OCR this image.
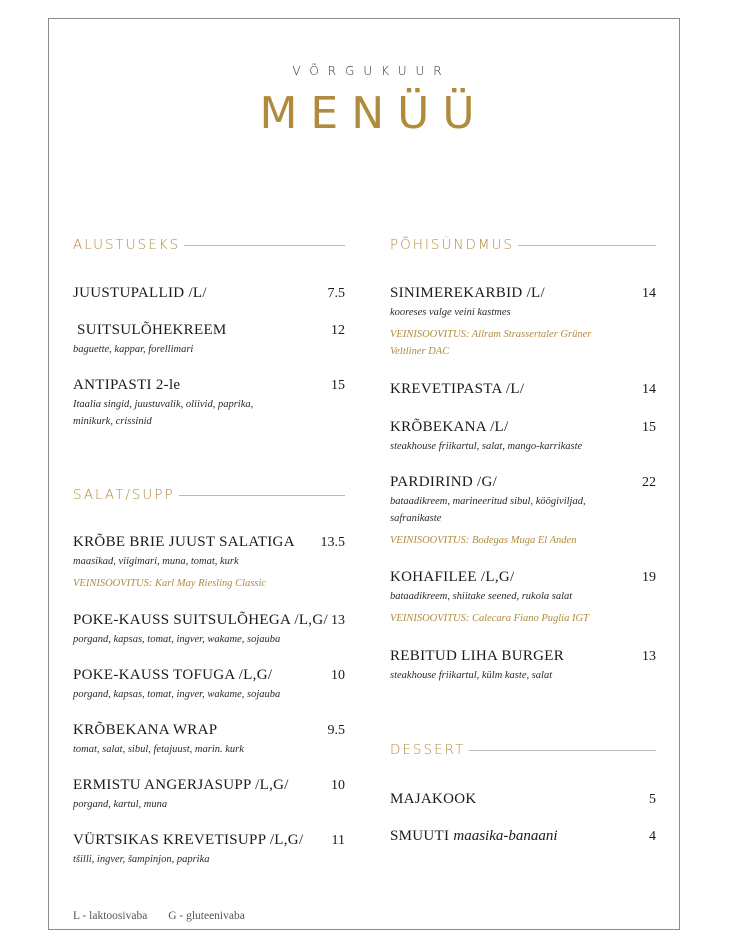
VÕRGUKUUR
MENÜÜ
ALUSTUSEKS
JUUSTUPALLID /L/	7.5
SUITSULÕHEKREEM	12
baguette, kappar, forellimari
ANTIPASTI 2-le	15
Itaalia singid, juustuvalik, oliivid, paprika, minikurk, crissinid
SALAT/SUPP
KRÕBE BRIE JUUST SALATIGA 13.5
maasikad, viigimari, muna, tomat, kurk
VEINISOOVITUS: Karl May Riesling Classic
POKE-KAUSS SUITSULÕHEGA /L,G/ 13
porgand, kapsas, tomat, ingver, wakame, sojauba
POKE-KAUSS TOFUGA /L,G/	10
porgand, kapsas, tomat, ingver, wakame, sojauba
KRÕBEKANA WRAP	9.5
tomat, salat, sibul, fetajuust, marin. kurk
ERMISTU ANGERJASUPP /L,G/	10
porgand, kartul, muna
VÜRTSIKAS KREVETISUPP /L,G/ 11
tšilli, ingver, šampinjon, paprika
PÕHISÜNDMUS
SINIMEREKARBID /L/	14
kooreses valge veini kastmes
VEINISOOVITUS: Allram Strassertaler Grüner Veltliner DAC
KREVETIPASTA /L/	14
KRÕBEKANA /L/	15
steakhouse friikartul, salat, mango-karrikaste
PARDIRIND /G/	22
bataadikreem, marineeritud sibul, köögiviljad, safranikaste
VEINISOOVITUS: Bodegas Muga El Anden
KOHAFILEE /L,G/	19
bataadikreem, shiitake seened, rukola salat
VEINISOOVITUS: Calecara Fiano Puglia IGT
REBITUD LIHA BURGER	13
steakhouse friikartul, külm kaste, salat
DESSERT
MAJAKOOK	5
SMUUTI maasika-banaani	4
L - laktoosivaba G - gluteenivaba
